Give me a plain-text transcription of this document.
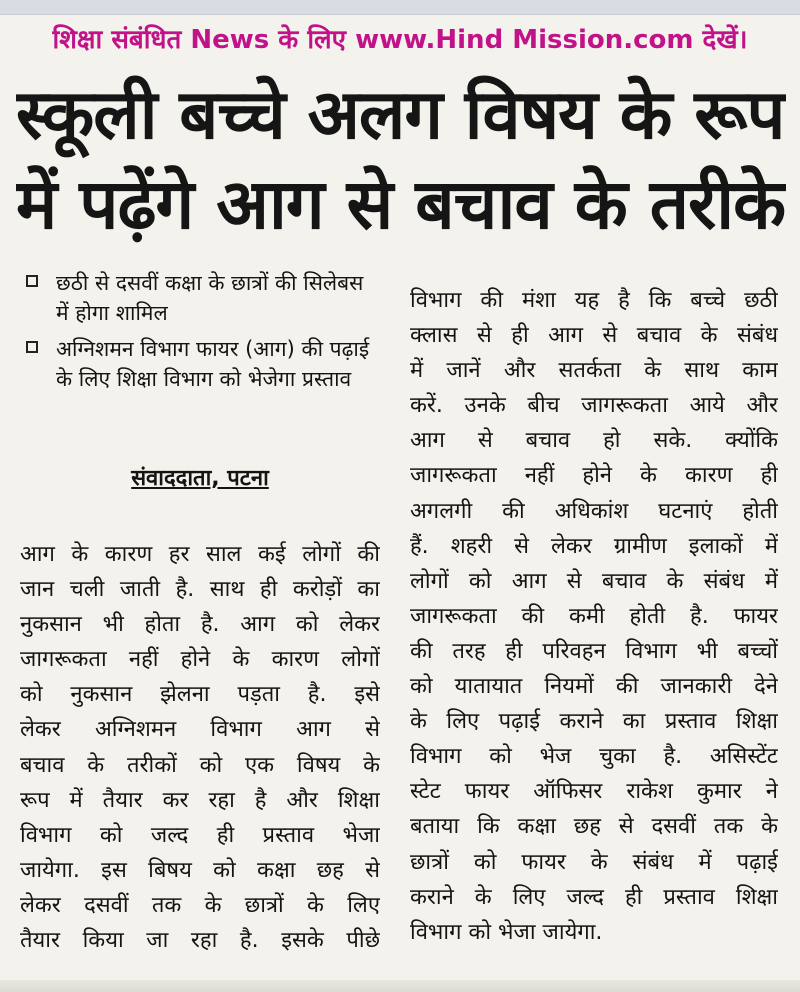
शिक्षा संबंधित News के लिए www.Hind Mission.com देखें।
स्कूली बच्चे अलग विषय के रूप
में पढ़ेंगे आग से बचाव के तरीके
छठी से दसवीं कक्षा के छात्रों की सिलेबस में होगा शामिल
अग्निशमन विभाग फायर (आग) की पढ़ाई के लिए शिक्षा विभाग को भेजेगा प्रस्ताव
संवाददाता, पटना

आग के कारण हर साल कई लोगों की

जान चली जाती है. साथ ही करोड़ों का

नुकसान भी होता है. आग को लेकर

जागरूकता नहीं होने के कारण लोगों

को नुकसान झेलना पड़ता है. इसे

लेकर अग्निशमन विभाग आग से

बचाव के तरीकों को एक विषय के

रूप में तैयार कर रहा है और शिक्षा

विभाग को जल्द ही प्रस्ताव भेजा

जायेगा. इस बिषय को कक्षा छह से

लेकर दसवीं तक के छात्रों के लिए

तैयार किया जा रहा है. इसके पीछे

विभाग की मंशा यह है कि बच्चे छठी

क्लास से ही आग से बचाव के संबंध

में जानें और सतर्कता के साथ काम

करें. उनके बीच जागरूकता आये और

आग से बचाव हो सके. क्योंकि

जागरूकता नहीं होने के कारण ही

अगलगी की अधिकांश घटनाएं होती

हैं. शहरी से लेकर ग्रामीण इलाकों में

लोगों को आग से बचाव के संबंध में

जागरूकता की कमी होती है. फायर

की तरह ही परिवहन विभाग भी बच्चों

को यातायात नियमों की जानकारी देने

के लिए पढ़ाई कराने का प्रस्ताव शिक्षा

विभाग को भेज चुका है. असिस्टेंट

स्टेट फायर ऑफिसर राकेश कुमार ने

बताया कि कक्षा छह से दसवीं तक के

छात्रों को फायर के संबंध में पढ़ाई

कराने के लिए जल्द ही प्रस्ताव शिक्षा

विभाग को भेजा जायेगा.
